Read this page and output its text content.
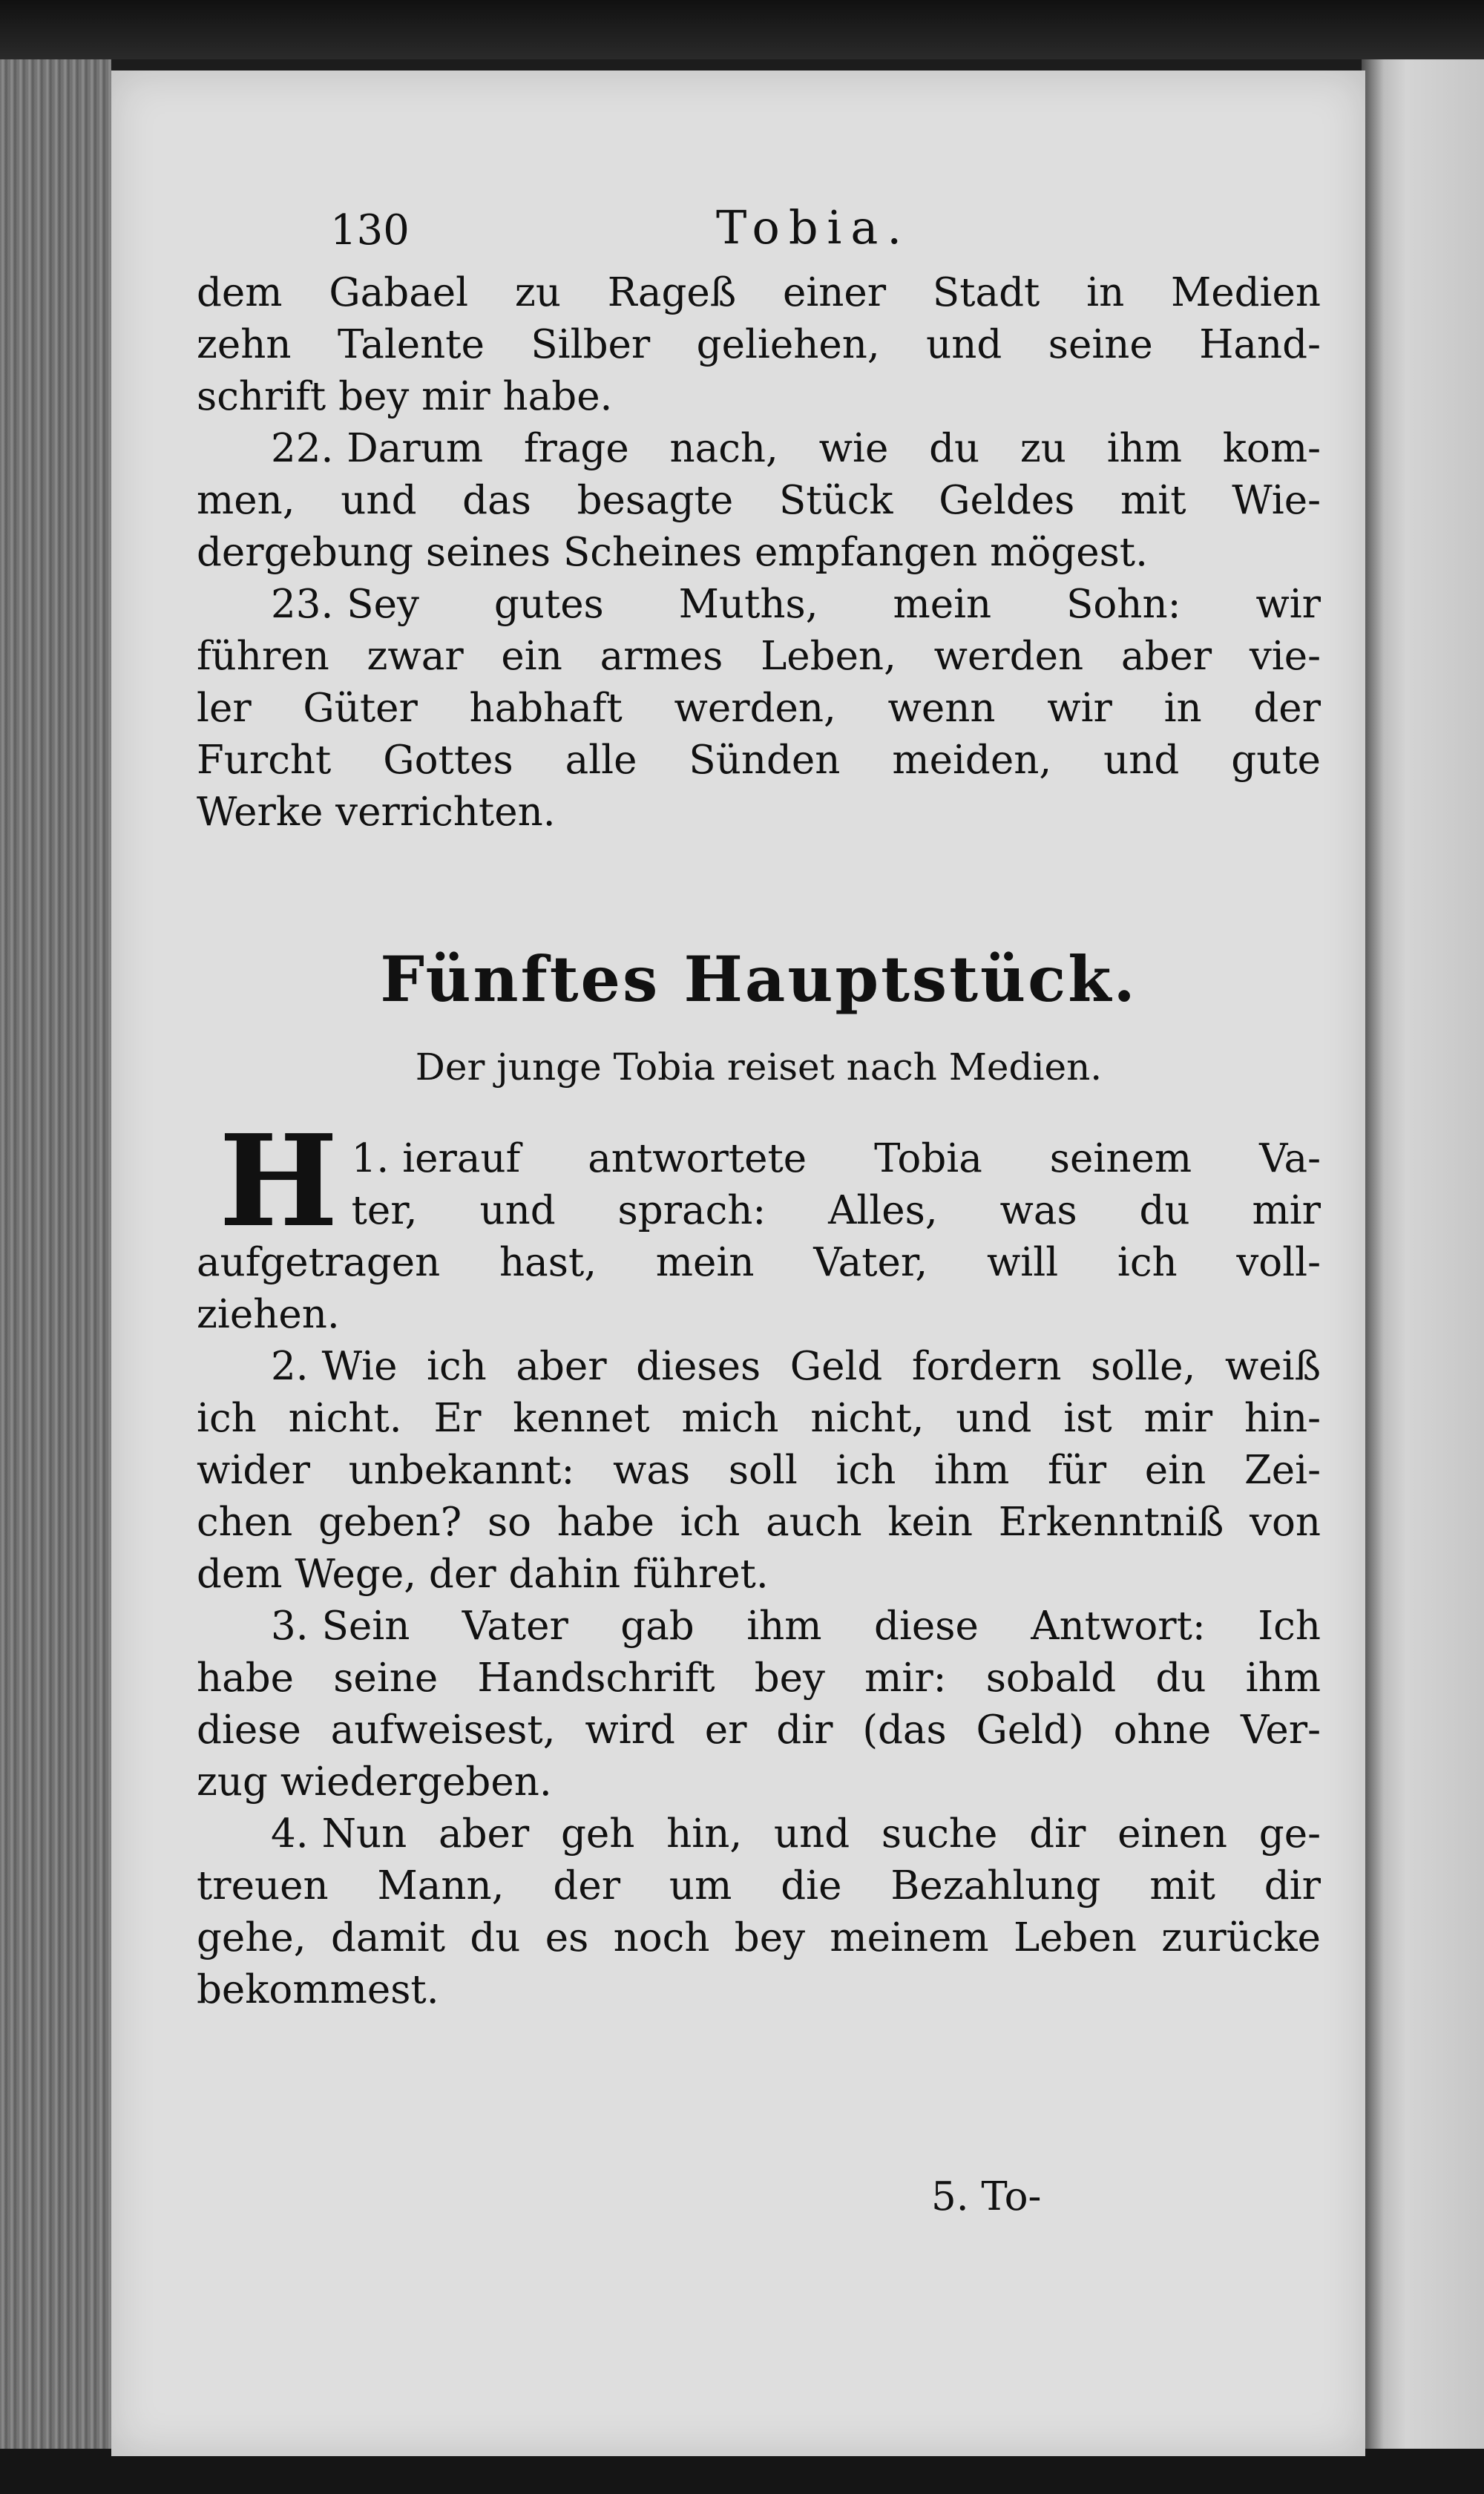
130	Tobia.

dem Gabael zu Rageß einer Stadt in Medien
zehn Talente Silber geliehen, und seine Hand-
schrift bey mir habe.

22. Darum frage nach, wie du zu ihm kom-
men, und das besagte Stück Geldes mit Wie-
dergebung seines Scheines empfangen mögest.

23. Sey gutes Muths, mein Sohn: wir
führen zwar ein armes Leben, werden aber vie-
ler Güter habhaft werden, wenn wir in der
Furcht Gottes alle Sünden meiden, und gute
Werke verrichten.

Fünftes Hauptstück.
Der junge Tobia reiset nach Medien.

1.
H ierauf antwortete Tobia seinem Va-
ter, und sprach: Alles, was du mir
aufgetragen hast, mein Vater, will ich voll-
ziehen.

2. Wie ich aber dieses Geld fordern solle, weiß
ich nicht. Er kennet mich nicht, und ist mir hin-
wider unbekannt: was soll ich ihm für ein Zei-
chen geben? so habe ich auch kein Erkenntniß von
dem Wege, der dahin führet.

3. Sein Vater gab ihm diese Antwort: Ich
habe seine Handschrift bey mir: sobald du ihm
diese aufweisest, wird er dir (das Geld) ohne Ver-
zug wiedergeben.

4. Nun aber geh hin, und suche dir einen ge-
treuen Mann, der um die Bezahlung mit dir
gehe, damit du es noch bey meinem Leben zurücke
bekommest.

5. To-
